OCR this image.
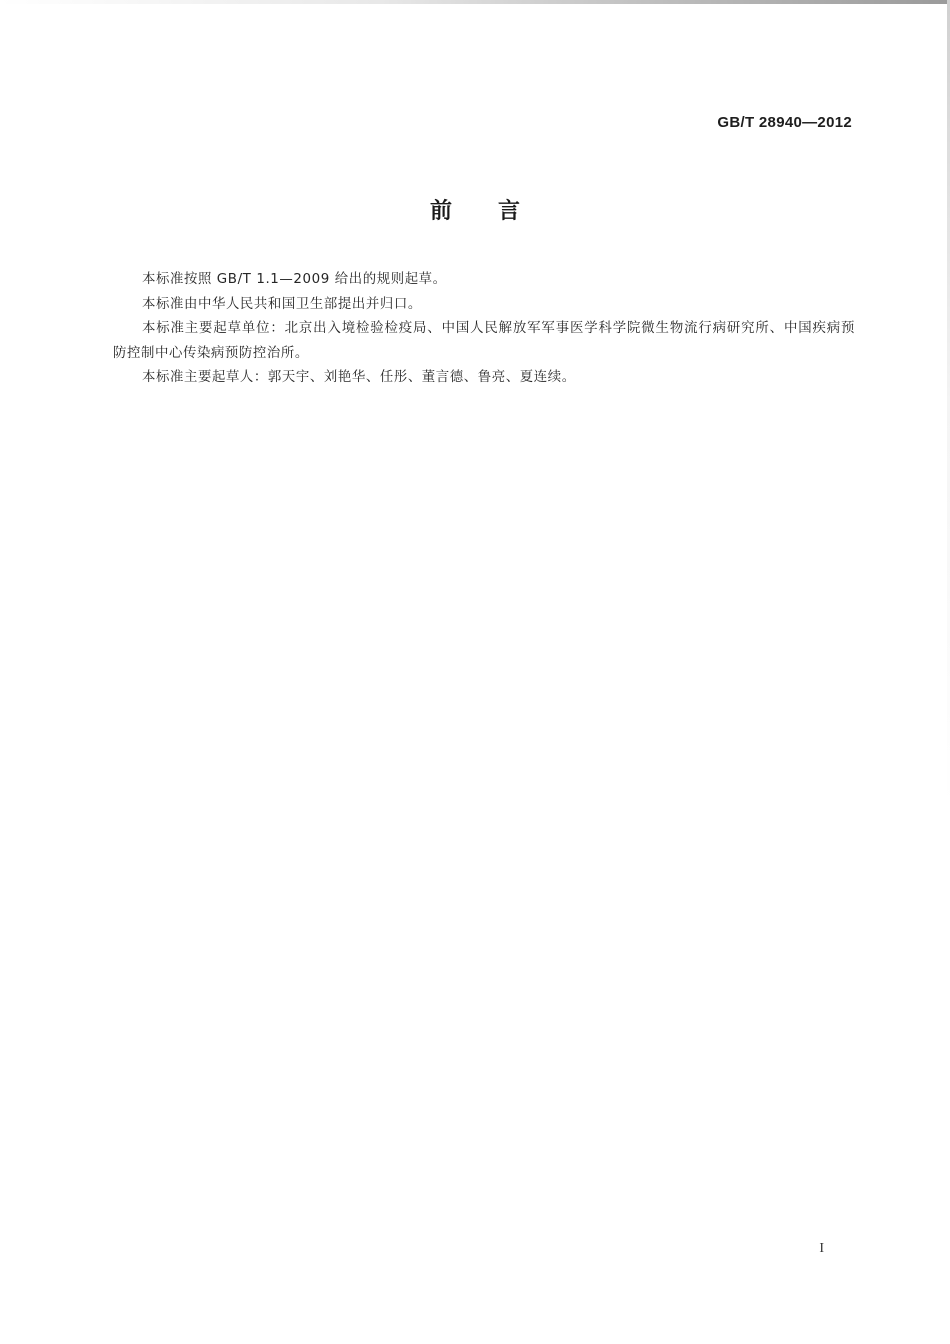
GB/T 28940—2012
前言

本标准按照 GB/T 1.1—2009 给出的规则起草。

本标准由中华人民共和国卫生部提出并归口。

本标准主要起草单位：北京出入境检验检疫局、中国人民解放军军事医学科学院微生物流行病研究所、中国疾病预防控制中心传染病预防控治所。

本标准主要起草人：郭天宇、刘艳华、任彤、董言德、鲁亮、夏连续。

I
